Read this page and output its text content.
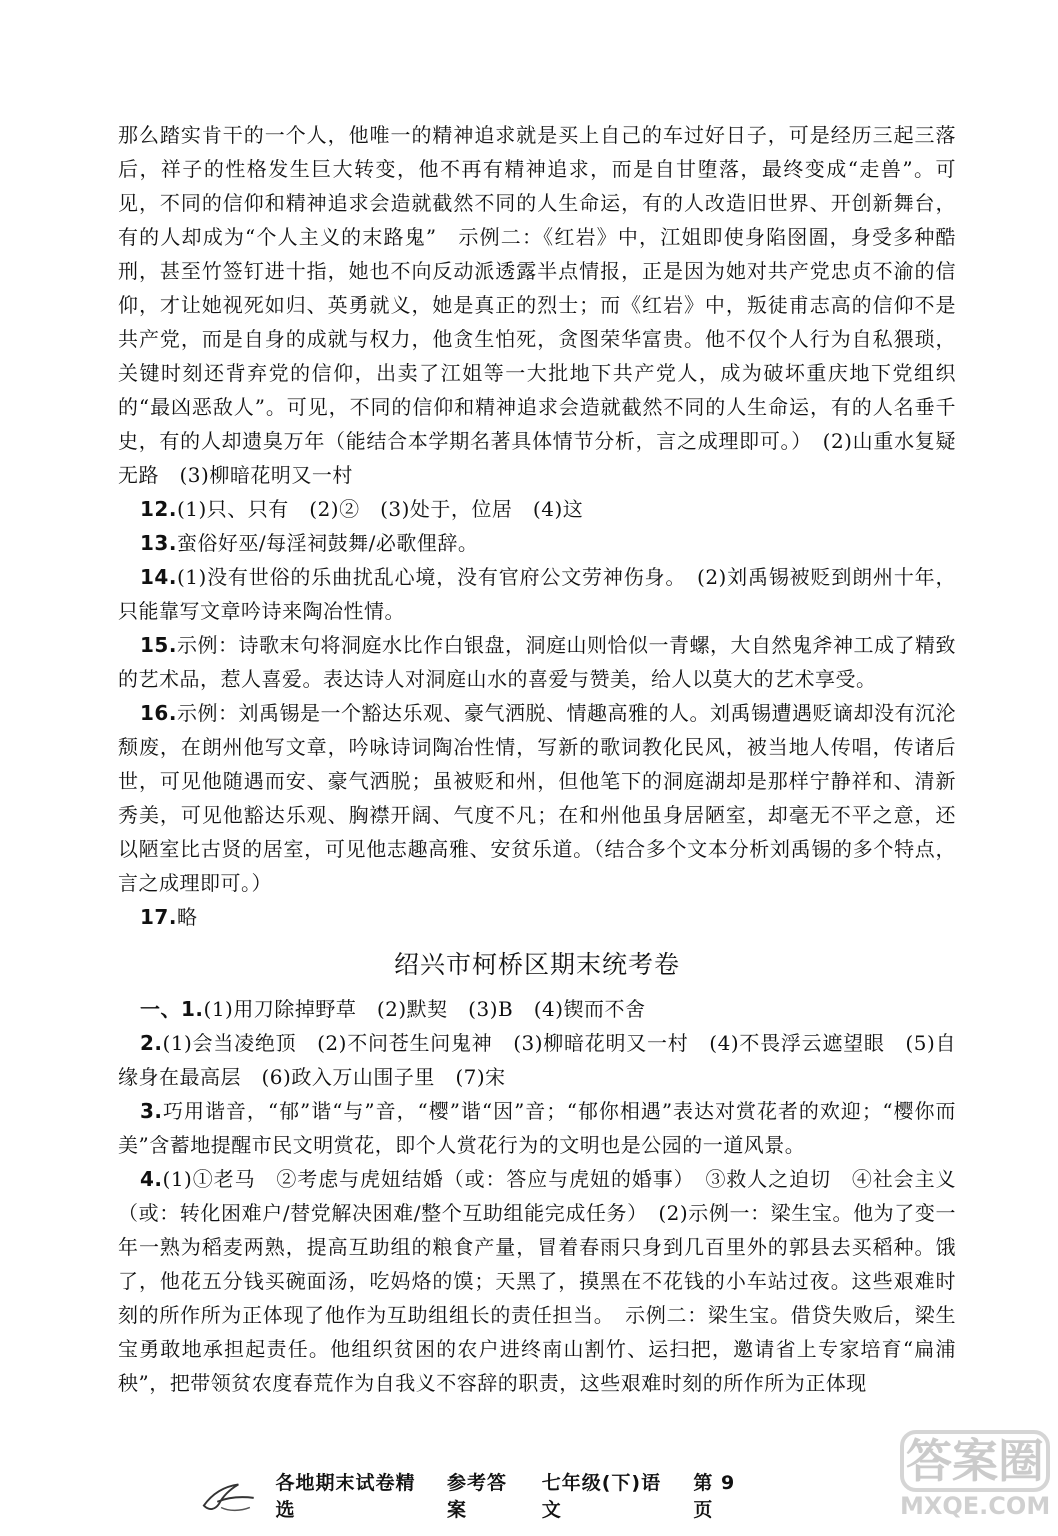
那么踏实肯干的一个人，他唯一的精神追求就是买上自己的车过好日子，可是经历三起三落后，祥子的性格发生巨大转变，他不再有精神追求，而是自甘堕落，最终变成“走兽”。可见，不同的信仰和精神追求会造就截然不同的人生命运，有的人改造旧世界、开创新舞台，有的人却成为“个人主义的末路鬼”　示例二：《红岩》中，江姐即使身陷囹圄，身受多种酷刑，甚至竹签钉进十指，她也不向反动派透露半点情报，正是因为她对共产党忠贞不渝的信仰，才让她视死如归、英勇就义，她是真正的烈士；而《红岩》中，叛徒甫志高的信仰不是共产党，而是自身的成就与权力，他贪生怕死，贪图荣华富贵。他不仅个人行为自私猥琐，关键时刻还背弃党的信仰，出卖了江姐等一大批地下共产党人，成为破坏重庆地下党组织的“最凶恶敌人”。可见，不同的信仰和精神追求会造就截然不同的人生命运，有的人名垂千史，有的人却遗臭万年（能结合本学期名著具体情节分析，言之成理即可。）　(2)山重水复疑无路　(3)柳暗花明又一村

12.(1)只、只有　(2)②　(3)处于，位居　(4)这

13.蛮俗好巫/每淫祠鼓舞/必歌俚辞。

14.(1)没有世俗的乐曲扰乱心境，没有官府公文劳神伤身。　(2)刘禹锡被贬到朗州十年，只能靠写文章吟诗来陶冶性情。

15.示例：诗歌末句将洞庭水比作白银盘，洞庭山则恰似一青螺，大自然鬼斧神工成了精致的艺术品，惹人喜爱。表达诗人对洞庭山水的喜爱与赞美，给人以莫大的艺术享受。

16.示例：刘禹锡是一个豁达乐观、豪气洒脱、情趣高雅的人。刘禹锡遭遇贬谪却没有沉沦颓废，在朗州他写文章，吟咏诗词陶冶性情，写新的歌词教化民风，被当地人传唱，传诸后世，可见他随遇而安、豪气洒脱；虽被贬和州，但他笔下的洞庭湖却是那样宁静祥和、清新秀美，可见他豁达乐观、胸襟开阔、气度不凡；在和州他虽身居陋室，却毫无不平之意，还以陋室比古贤的居室，可见他志趣高雅、安贫乐道。（结合多个文本分析刘禹锡的多个特点，言之成理即可。）

17.略

绍兴市柯桥区期末统考卷

一、1.(1)用刀除掉野草　(2)默契　(3)B　(4)锲而不舍

2.(1)会当凌绝顶　(2)不问苍生问鬼神　(3)柳暗花明又一村　(4)不畏浮云遮望眼　(5)自缘身在最高层　(6)政入万山围子里　(7)宋

3.巧用谐音，“郁”谐“与”音，“樱”谐“因”音；“郁你相遇”表达对赏花者的欢迎；“樱你而美”含蓄地提醒市民文明赏花，即个人赏花行为的文明也是公园的一道风景。

4.(1)①老马　②考虑与虎妞结婚（或：答应与虎妞的婚事）　③救人之迫切　④社会主义（或：转化困难户/替党解决困难/整个互助组能完成任务）　(2)示例一：梁生宝。他为了变一年一熟为稻麦两熟，提高互助组的粮食产量，冒着春雨只身到几百里外的郭县去买稻种。饿了，他花五分钱买碗面汤，吃妈烙的馍；天黑了，摸黑在不花钱的小车站过夜。这些艰难时刻的所作所为正体现了他作为互助组组长的责任担当。　示例二：梁生宝。借贷失败后，梁生宝勇敢地承担起责任。他组织贫困的农户进终南山割竹、运扫把，邀请省上专家培育“扁浦秧”，把带领贫农度春荒作为自我义不容辞的职责，这些艰难时刻的所作所为正体现

各地期末试卷精选
参考答案
七年级(下)语文
第 9 页
答案圈
MXQE.COM
